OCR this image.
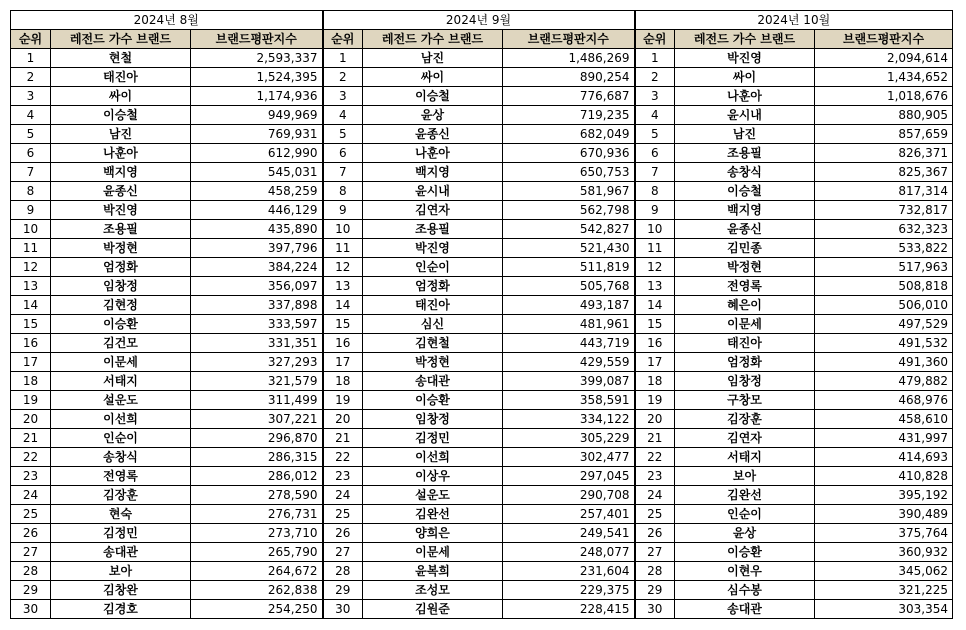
2024년 8월			2024년 9월			2024년 10월		
순위	레전드 가수 브랜드	브랜드평판지수	순위	레전드 가수 브랜드	브랜드평판지수	순위	레전드 가수 브랜드	브랜드평판지수
1	현철	2,593,337	1	남진	1,486,269	1	박진영	2,094,614
2	태진아	1,524,395	2	싸이	890,254	2	싸이	1,434,652
3	싸이	1,174,936	3	이승철	776,687	3	나훈아	1,018,676
4	이승철	949,969	4	윤상	719,235	4	윤시내	880,905
5	남진	769,931	5	윤종신	682,049	5	남진	857,659
6	나훈아	612,990	6	나훈아	670,936	6	조용필	826,371
7	백지영	545,031	7	백지영	650,753	7	송창식	825,367
8	윤종신	458,259	8	윤시내	581,967	8	이승철	817,314
9	박진영	446,129	9	김연자	562,798	9	백지영	732,817
10	조용필	435,890	10	조용필	542,827	10	윤종신	632,323
11	박정현	397,796	11	박진영	521,430	11	김민종	533,822
12	엄정화	384,224	12	인순이	511,819	12	박정현	517,963
13	임창정	356,097	13	엄정화	505,768	13	전영록	508,818
14	김현정	337,898	14	태진아	493,187	14	혜은이	506,010
15	이승환	333,597	15	심신	481,961	15	이문세	497,529
16	김건모	331,351	16	김현철	443,719	16	태진아	491,532
17	이문세	327,293	17	박정현	429,559	17	엄정화	491,360
18	서태지	321,579	18	송대관	399,087	18	임창정	479,882
19	설운도	311,499	19	이승환	358,591	19	구창모	468,976
20	이선희	307,221	20	임창정	334,122	20	김장훈	458,610
21	인순이	296,870	21	김정민	305,229	21	김연자	431,997
22	송창식	286,315	22	이선희	302,477	22	서태지	414,693
23	전영록	286,012	23	이상우	297,045	23	보아	410,828
24	김장훈	278,590	24	설운도	290,708	24	김완선	395,192
25	현숙	276,731	25	김완선	257,401	25	인순이	390,489
26	김정민	273,710	26	양희은	249,541	26	윤상	375,764
27	송대관	265,790	27	이문세	248,077	27	이승환	360,932
28	보아	264,672	28	윤복희	231,604	28	이현우	345,062
29	김창완	262,838	29	조성모	229,375	29	심수봉	321,225
30	김경호	254,250	30	김원준	228,415	30	송대관	303,354
